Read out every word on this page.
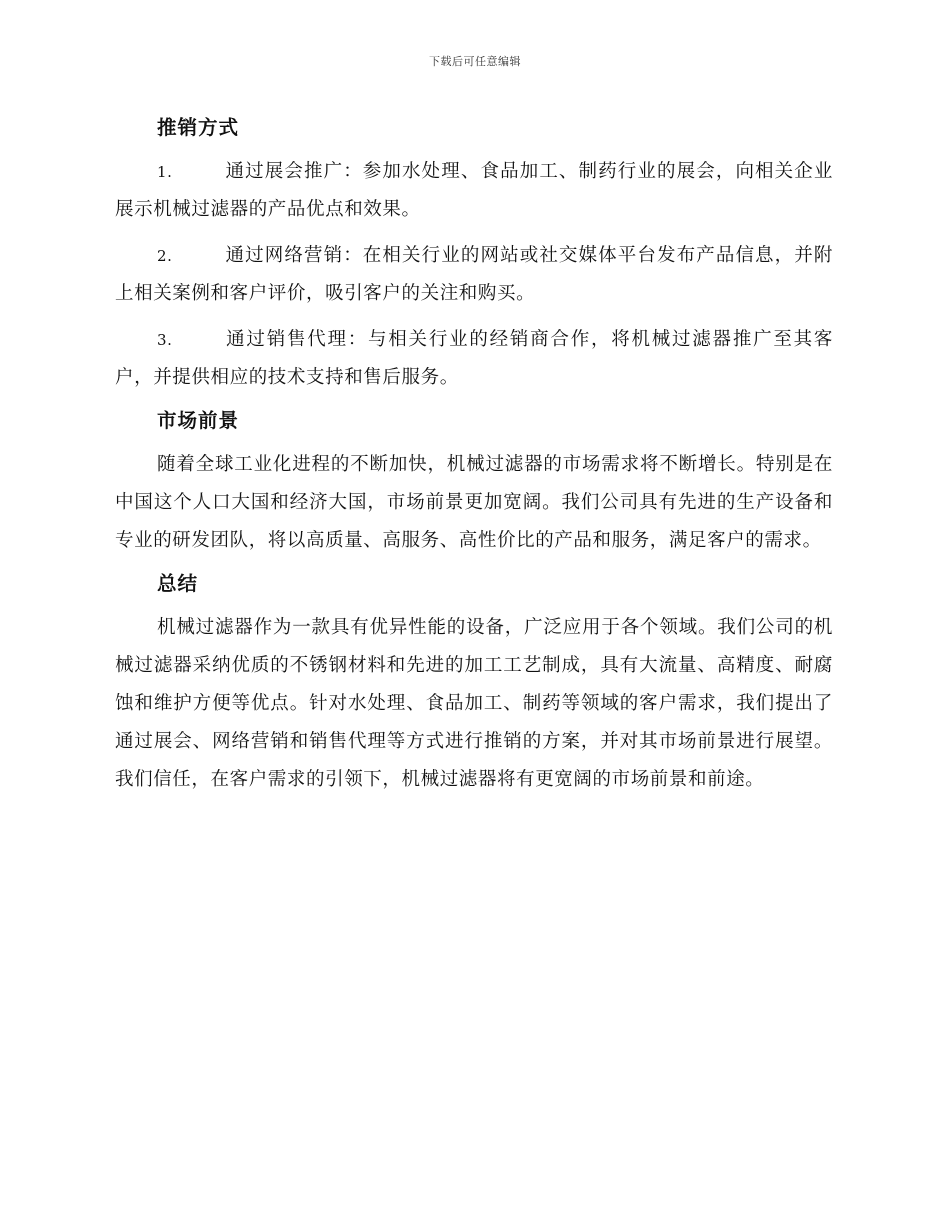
下载后可任意编辑
推销方式
1.	通过展会推广：参加水处理、食品加工、制药行业的展会，向相关企业展示机械过滤器的产品优点和效果。
2.	通过网络营销：在相关行业的网站或社交媒体平台发布产品信息，并附上相关案例和客户评价，吸引客户的关注和购买。
3.	通过销售代理：与相关行业的经销商合作，将机械过滤器推广至其客户，并提供相应的技术支持和售后服务。
市场前景
随着全球工业化进程的不断加快，机械过滤器的市场需求将不断增长。特别是在中国这个人口大国和经济大国，市场前景更加宽阔。我们公司具有先进的生产设备和专业的研发团队，将以高质量、高服务、高性价比的产品和服务，满足客户的需求。
总结
机械过滤器作为一款具有优异性能的设备，广泛应用于各个领域。我们公司的机械过滤器采纳优质的不锈钢材料和先进的加工工艺制成，具有大流量、高精度、耐腐蚀和维护方便等优点。针对水处理、食品加工、制药等领域的客户需求，我们提出了通过展会、网络营销和销售代理等方式进行推销的方案，并对其市场前景进行展望。我们信任，在客户需求的引领下，机械过滤器将有更宽阔的市场前景和前途。
